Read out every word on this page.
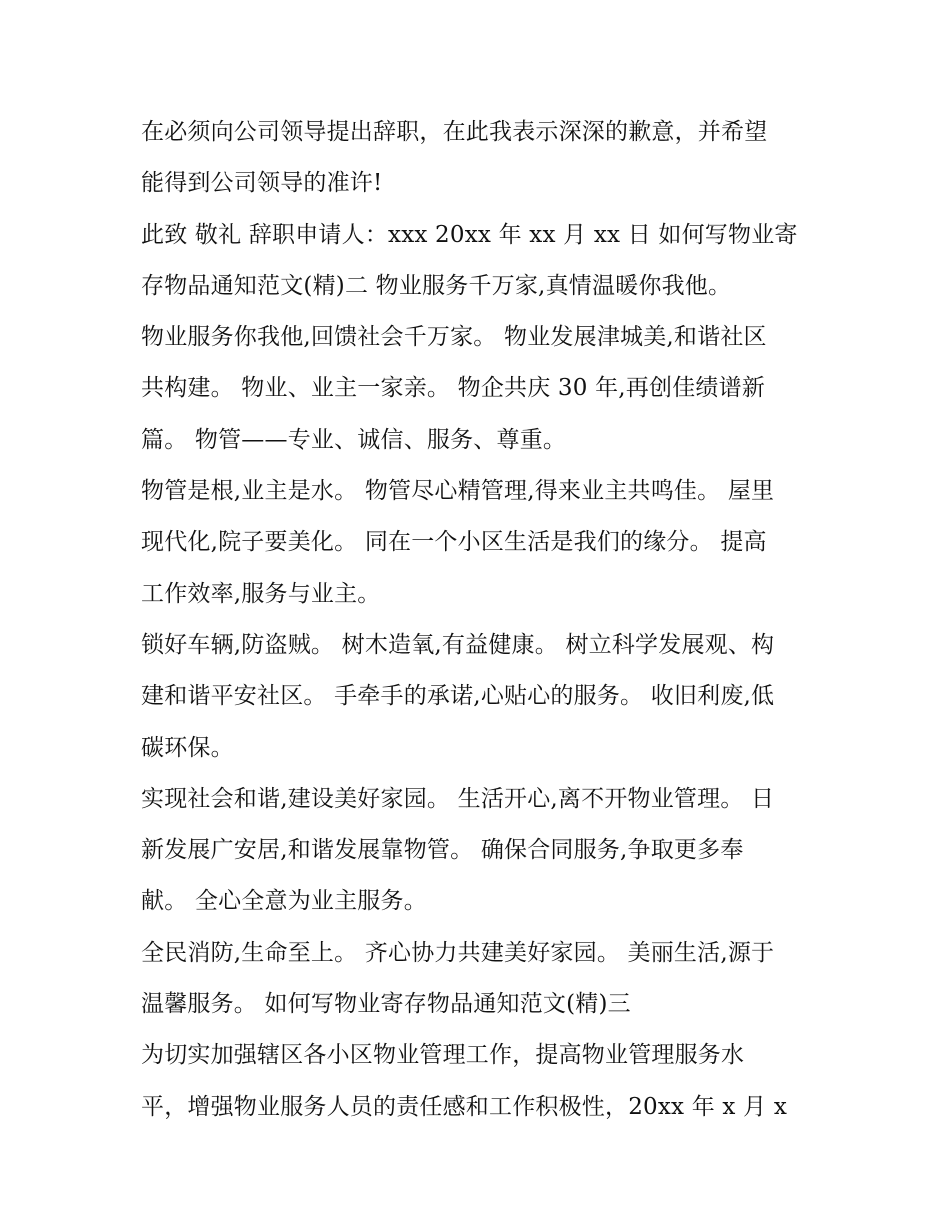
在必须向公司领导提出辞职，在此我表示深深的歉意，并希望
能得到公司领导的准许!
此致 敬礼 辞职申请人：xxx 20xx 年 xx 月 xx 日 如何写物业寄
存物品通知范文(精)二 物业服务千万家,真情温暖你我他。
物业服务你我他,回馈社会千万家。 物业发展津城美,和谐社区
共构建。 物业、业主一家亲。 物企共庆 30 年,再创佳绩谱新
篇。 物管——专业、诚信、服务、尊重。
物管是根,业主是水。 物管尽心精管理,得来业主共鸣佳。 屋里
现代化,院子要美化。 同在一个小区生活是我们的缘分。 提高
工作效率,服务与业主。
锁好车辆,防盗贼。 树木造氧,有益健康。 树立科学发展观、构
建和谐平安社区。 手牵手的承诺,心贴心的服务。 收旧利废,低
碳环保。
实现社会和谐,建设美好家园。 生活开心,离不开物业管理。 日
新发展广安居,和谐发展靠物管。 确保合同服务,争取更多奉
献。 全心全意为业主服务。
全民消防,生命至上。 齐心协力共建美好家园。 美丽生活,源于
温馨服务。 如何写物业寄存物品通知范文(精)三
为切实加强辖区各小区物业管理工作，提高物业管理服务水
平，增强物业服务人员的责任感和工作积极性，20xx 年 x 月 x
